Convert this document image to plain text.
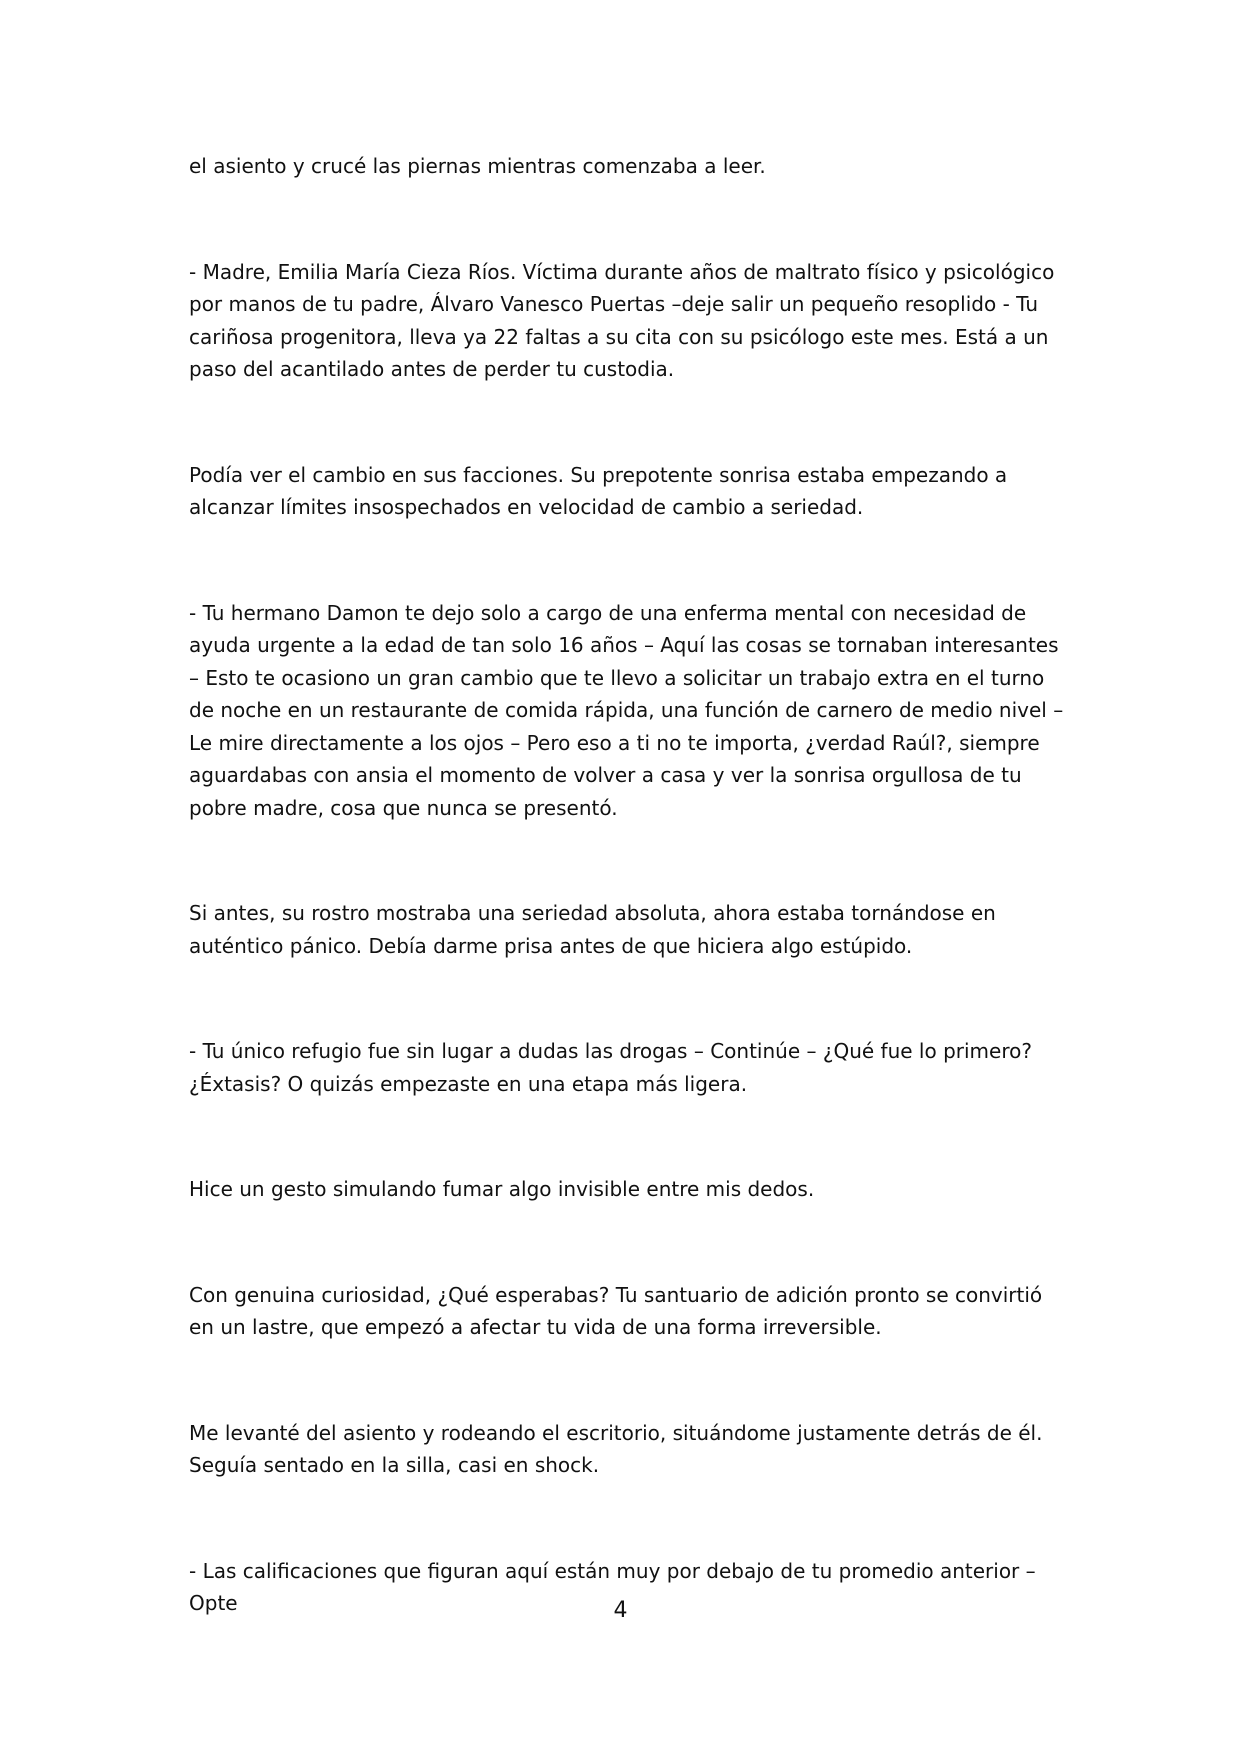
el asiento y crucé las piernas mientras comenzaba a leer.

- Madre, Emilia María Cieza Ríos. Víctima durante años de maltrato físico y psicológico por manos de tu padre, Álvaro Vanesco Puertas –deje salir un pequeño resoplido - Tu cariñosa progenitora, lleva ya 22 faltas a su cita con su psicólogo este mes. Está a un paso del acantilado antes de perder tu custodia.

Podía ver el cambio en sus facciones. Su prepotente sonrisa estaba empezando a alcanzar límites insospechados en velocidad de cambio a seriedad.

- Tu hermano Damon te dejo solo a cargo de una enferma mental con necesidad de ayuda urgente a la edad de tan solo 16 años – Aquí las cosas se tornaban interesantes – Esto te ocasiono un gran cambio que te llevo a solicitar un trabajo extra en el turno de noche en un restaurante de comida rápida, una función de carnero de medio nivel – Le mire directamente a los ojos – Pero eso a ti no te importa, ¿verdad Raúl?, siempre aguardabas con ansia el momento de volver a casa y ver la sonrisa orgullosa de tu pobre madre, cosa que nunca se presentó.

Si antes, su rostro mostraba una seriedad absoluta, ahora estaba tornándose en auténtico pánico. Debía darme prisa antes de que hiciera algo estúpido.

- Tu único refugio fue sin lugar a dudas las drogas – Continúe – ¿Qué fue lo primero? ¿Éxtasis? O quizás empezaste en una etapa más ligera.

Hice un gesto simulando fumar algo invisible entre mis dedos.

Con genuina curiosidad, ¿Qué esperabas? Tu santuario de adición pronto se convirtió en un lastre, que empezó a afectar tu vida de una forma irreversible.

Me levanté del asiento y rodeando el escritorio, situándome justamente detrás de él. Seguía sentado en la silla, casi en shock.

- Las calificaciones que figuran aquí están muy por debajo de tu promedio anterior – Opte	4
